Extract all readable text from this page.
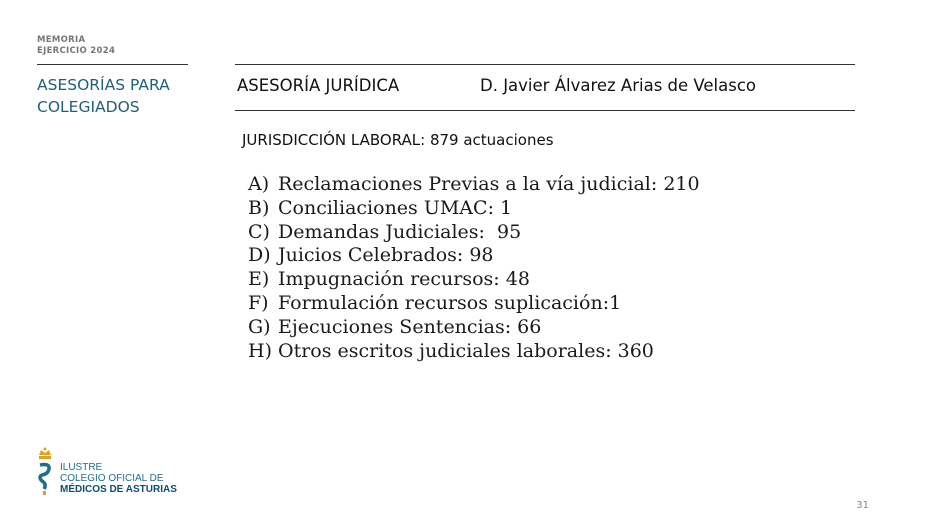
MEMORIA
EJERCICIO 2024
ASESORÍAS PARA
COLEGIADOS
ASESORÍA JURÍDICA	D. Javier Álvarez Arias de Velasco
JURISDICCIÓN LABORAL: 879 actuaciones
A) Reclamaciones Previas a la vía judicial: 210
B) Conciliaciones UMAC: 1
C) Demandas Judiciales:  95
D) Juicios Celebrados: 98
E) Impugnación recursos: 48
F) Formulación recursos suplicación:1
G) Ejecuciones Sentencias: 66
H) Otros escritos judiciales laborales: 360
ILUSTRE
COLEGIO OFICIAL DE
MÉDICOS DE ASTURIAS
31
